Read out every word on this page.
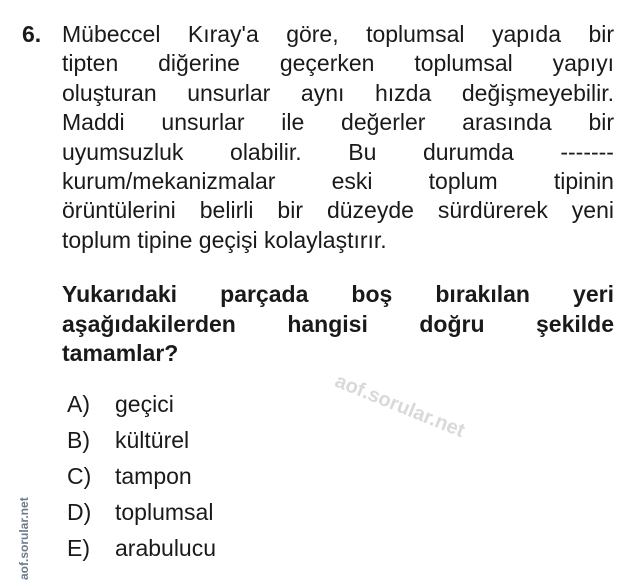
6. Mübeccel Kıray'a göre, toplumsal yapıda bir
tipten diğerine geçerken toplumsal yapıyı
oluşturan unsurlar aynı hızda değişmeyebilir.
Maddi unsurlar ile değerler arasında bir
uyumsuzluk olabilir. Bu durumda -------
kurum/mekanizmalar eski toplum tipinin
örüntülerini belirli bir düzeyde sürdürerek yeni
toplum tipine geçişi kolaylaştırır.
Yukarıdaki parçada boş bırakılan yeri
aşağıdakilerden hangisi doğru şekilde
tamamlar?
A)	geçici
B)	kültürel
C)	tampon
D)	toplumsal
E)	arabulucu
aof.sorular.net
aof.sorular.net
